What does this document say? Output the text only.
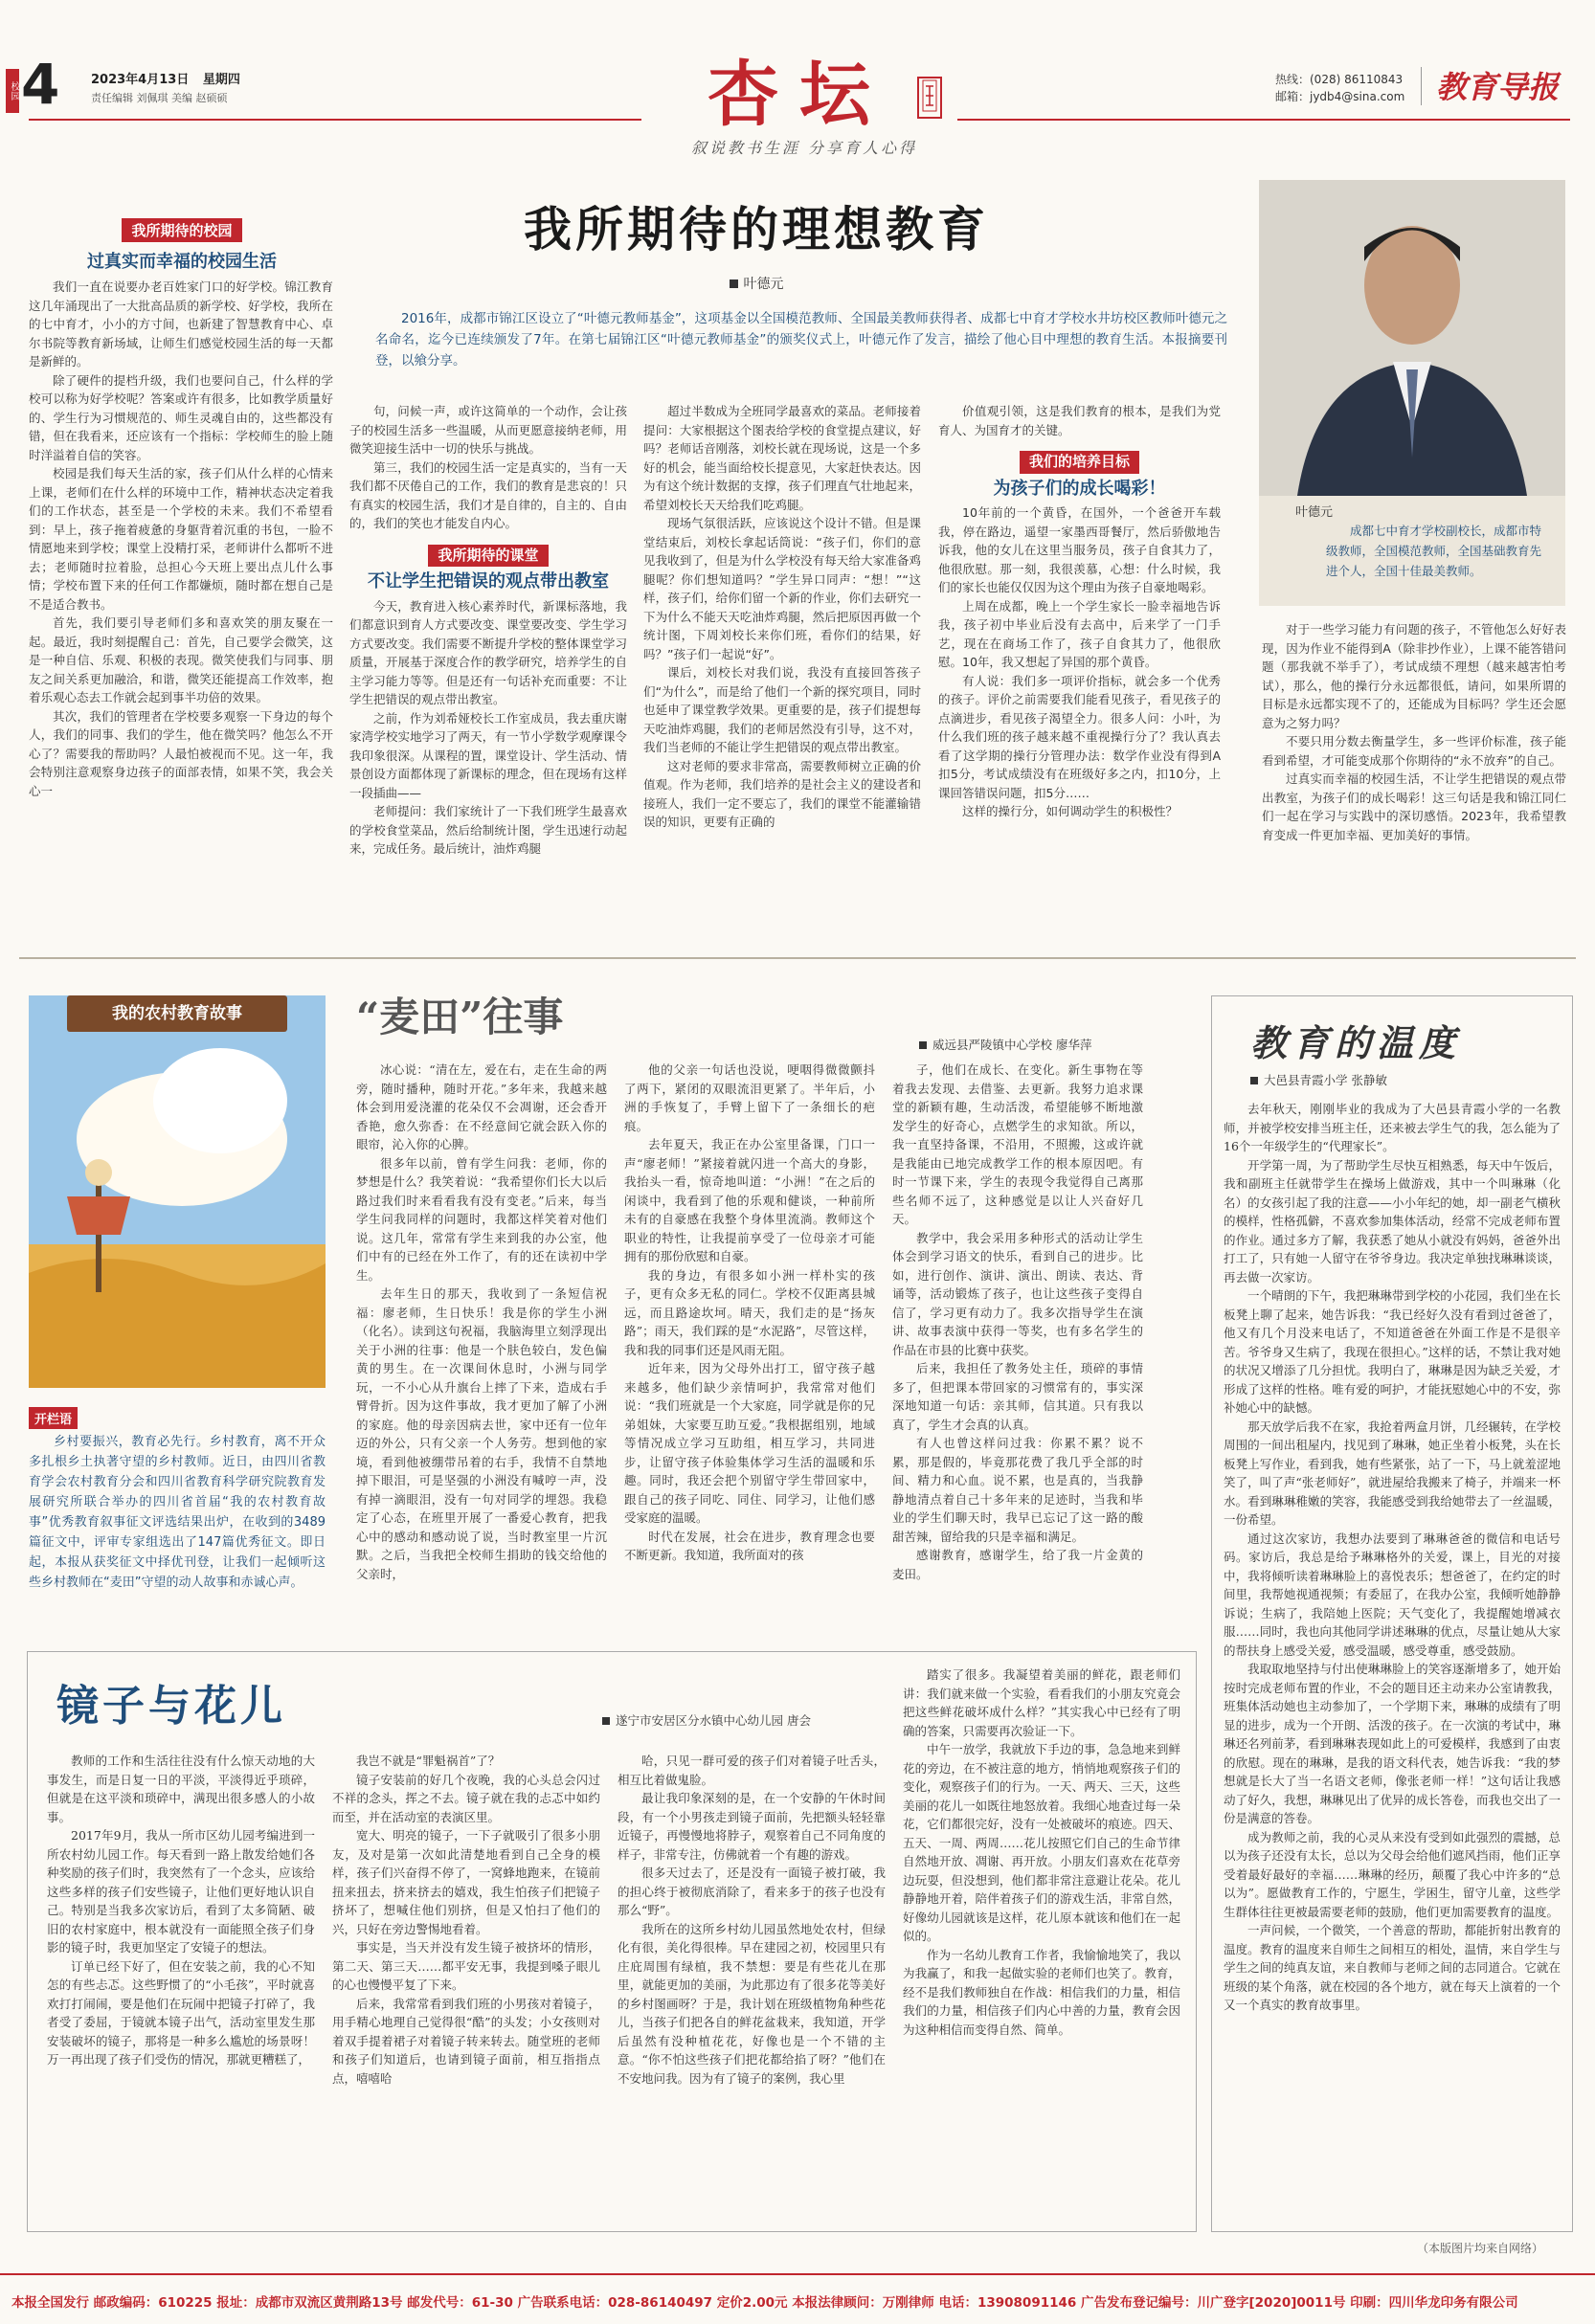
校园 4	2023年4月13日 星期四
责任编辑 刘佩琪 美编 赵硕硕	杏坛
叙说教书生涯 分享育人心得
热线：(028) 86110843
邮箱：jydb4@sina.com 教育导报
我所期待的校园
过真实而幸福的校园生活

我们一直在说要办老百姓家门口的好学校。锦江教育这几年涌现出了一大批高品质的新学校、好学校，我所在的七中育才，小小的方寸间，也新建了智慧教育中心、卓尔书院等教育新场域，让师生们感觉校园生活的每一天都是新鲜的。

除了硬件的提档升级，我们也要问自己，什么样的学校可以称为好学校呢？答案或许有很多，比如教学质量好的、学生行为习惯规范的、师生灵魂自由的，这些都没有错，但在我看来，还应该有一个指标：学校师生的脸上随时洋溢着自信的笑容。

校园是我们每天生活的家，孩子们从什么样的心情来上课，老师们在什么样的环境中工作，精神状态决定着我们的工作状态，甚至是一个学校的未来。我们不希望看到：早上，孩子拖着疲惫的身躯背着沉重的书包，一脸不情愿地来到学校；课堂上没精打采，老师讲什么都听不进去；老师随时拉着脸，总担心今天班上要出点儿什么事情；学校布置下来的任何工作都嫌烦，随时都在想自己是不是适合教书。

首先，我们要引导老师们多和喜欢笑的朋友聚在一起。最近，我时刻提醒自己：首先，自己要学会微笑，这是一种自信、乐观、积极的表现。微笑使我们与同事、朋友之间关系更加融洽，和谐，微笑还能提高工作效率，抱着乐观心态去工作就会起到事半功倍的效果。

其次，我们的管理者在学校要多观察一下身边的每个人，我们的同事、我们的学生，他在微笑吗？他怎么不开心了？需要我的帮助吗？人最怕被视而不见。这一年，我会特别注意观察身边孩子的面部表情，如果不笑，我会关心一

我所期待的理想教育
叶德元
2016年，成都市锦江区设立了“叶德元教师基金”，这项基金以全国模范教师、全国最美教师获得者、成都七中育才学校水井坊校区教师叶德元之名命名，迄今已连续颁发了7年。在第七届锦江区“叶德元教师基金”的颁奖仪式上，叶德元作了发言，描绘了他心目中理想的教育生活。本报摘要刊登，以飨分享。

句，问候一声，或许这简单的一个动作，会让孩子的校园生活多一些温暖，从而更愿意接纳老师，用微笑迎接生活中一切的快乐与挑战。

第三，我们的校园生活一定是真实的，当有一天我们都不厌倦自己的工作，我们的教育是悲哀的！只有真实的校园生活，我们才是自律的，自主的、自由的，我们的笑也才能发自内心。

我所期待的课堂
不让学生把错误的观点带出教室

今天，教育进入核心素养时代，新课标落地，我们都意识到育人方式要改变、课堂要改变、学生学习方式要改变。我们需要不断提升学校的整体课堂学习质量，开展基于深度合作的教学研究，培养学生的自主学习能力等等。但是还有一句话补充而重要：不让学生把错误的观点带出教室。

之前，作为刘希娅校长工作室成员，我去重庆谢家湾学校实地学习了两天，有一节小学数学观摩课令我印象很深。从课程的置，课堂设计、学生活动、情景创设方面都体现了新课标的理念，但在现场有这样一段插曲——

老师提问：我们家统计了一下我们班学生最喜欢的学校食堂菜品，然后给制统计图，学生迅速行动起来，完成任务。最后统计，油炸鸡腿

超过半数成为全班同学最喜欢的菜品。老师接着提问：大家根据这个图表给学校的食堂提点建议，好吗？老师话音刚落，刘校长就在现场说，这是一个多好的机会，能当面给校长提意见，大家赶快表达。因为有这个统计数据的支撑，孩子们理直气壮地起来，希望刘校长天天给我们吃鸡腿。

现场气氛很活跃，应该说这个设计不错。但是课堂结束后，刘校长拿起话筒说：“孩子们，你们的意见我收到了，但是为什么学校没有每天给大家准备鸡腿呢？你们想知道吗？”学生异口同声：“想！”“这样，孩子们，给你们留一个新的作业，你们去研究一下为什么不能天天吃油炸鸡腿，然后把原因再做一个统计图，下周刘校长来你们班，看你们的结果，好吗？”孩子们一起说“好”。

课后，刘校长对我们说，我没有直接回答孩子们“为什么”，而是给了他们一个新的探究项目，同时也延申了课堂教学效果。更重要的是，孩子们提想每天吃油炸鸡腿，我们的老师居然没有引导，这不对，我们当老师的不能让学生把错误的观点带出教室。

这对老师的要求非常高，需要教师树立正确的价值观。作为老师，我们培养的是社会主义的建设者和接班人，我们一定不要忘了，我们的课堂不能灌输错误的知识，更要有正确的

价值观引领，这是我们教育的根本，是我们为党育人、为国育才的关键。

我们的培养目标
为孩子们的成长喝彩！

10年前的一个黄昏，在国外，一个爸爸开车载我，停在路边，遥望一家墨西哥餐厅，然后骄傲地告诉我，他的女儿在这里当服务员，孩子自食其力了，他很欣慰。那一刻，我很羡慕，心想：什么时候，我们的家长也能仅仅因为这个理由为孩子自豪地喝彩。

上周在成都，晚上一个学生家长一脸幸福地告诉我，孩子初中毕业后没有去高中，后来学了一门手艺，现在在商场工作了，孩子自食其力了，他很欣慰。10年，我又想起了异国的那个黄昏。

有人说：我们多一项评价指标，就会多一个优秀的孩子。评价之前需要我们能看见孩子，看见孩子的点滴进步，看见孩子渴望全力。很多人问：小叶，为什么我们班的孩子越来越不重视操行分了？我认真去看了这学期的操行分管理办法：数学作业没有得到A扣5分，考试成绩没有在班级好多之内，扣10分，上课回答错误问题，扣5分……

这样的操行分，如何调动学生的积极性？

叶德元
成都七中育才学校副校长，成都市特级教师，全国模范教师，全国基础教育先进个人，全国十佳最美教师。

对于一些学习能力有问题的孩子，不管他怎么好好表现，因为作业不能得到A（除非抄作业），上课不能答错问题（那我就不举手了），考试成绩不理想（越来越害怕考试），那么，他的操行分永远都很低，请问，如果所谓的目标是永远都实现不了的，还能成为目标吗？学生还会愿意为之努力吗？

不要只用分数去衡量学生，多一些评价标准，孩子能看到希望，才可能变成那个你期待的“永不放弃”的自己。

过真实而幸福的校园生活，不让学生把错误的观点带出教室，为孩子们的成长喝彩！这三句话是我和锦江同仁们一起在学习与实践中的深切感悟。2023年，我希望教育变成一件更加幸福、更加美好的事情。

我的农村教育故事
开栏语
乡村要振兴，教育必先行。乡村教育，离不开众多扎根乡土执著守望的乡村教师。近日，由四川省教育学会农村教育分会和四川省教育科学研究院教育发展研究所联合举办的四川省首届“我的农村教育故事”优秀教育叙事征文评选结果出炉，在收到的3489篇征文中，评审专家组选出了147篇优秀征文。即日起，本报从获奖征文中择优刊登，让我们一起倾听这些乡村教师在“麦田”守望的动人故事和赤诚心声。
“麦田”往事
威远县严陵镇中心学校 廖华萍

冰心说：“清在左，爱在右，走在生命的两旁，随时播种，随时开花。”多年来，我越来越体会到用爱浇灌的花朵仅不会凋谢，还会香开香艳，愈久弥香：在不经意间它就会跃入你的眼帘，沁入你的心脾。

很多年以前，曾有学生问我：老师，你的梦想是什么？我笑着说：“我希望你们长大以后路过我们时来看看我有没有变老。”后来，每当学生问我同样的问题时，我都这样笑着对他们说。这几年，常常有学生来到我的办公室，他们中有的已经在外工作了，有的还在读初中学生。

去年生日的那天，我收到了一条短信祝福：廖老师，生日快乐！我是你的学生小洲（化名）。读到这句祝福，我脑海里立刻浮现出关于小洲的往事：他是一个肤色较白，发色偏黄的男生。在一次课间休息时，小洲与同学玩，一不小心从升旗台上摔了下来，造成右手臂骨折。因为这件事故，我才更加了解了小洲的家庭。他的母亲因病去世，家中还有一位年迈的外公，只有父亲一个人务劳。想到他的家境，看到他被绷带吊着的右手，我情不自禁地掉下眼泪，可是坚强的小洲没有喊哼一声，没有掉一滴眼泪，没有一句对同学的埋怨。我稳定了心态，在班里开展了一番爱心教育，把我心中的感动和感动说了说，当时教室里一片沉默。之后，当我把全校师生捐助的钱交给他的父亲时，

他的父亲一句话也没说，哽咽得微微颤抖了两下，紧闭的双眼流泪更紧了。半年后，小洲的手恢复了，手臂上留下了一条细长的疤痕。

去年夏天，我正在办公室里备课，门口一声“廖老师！”紧接着就闪进一个高大的身影，我抬头一看，惊奇地叫道：“小洲！”在之后的闲谈中，我看到了他的乐观和健谈，一种前所未有的自豪感在我整个身体里流淌。教师这个职业的特性，让我提前享受了一位母亲才可能拥有的那份欣慰和自豪。

我的身边，有很多如小洲一样朴实的孩子，更有众多无私的同仁。学校不仅距离县城远，而且路途坎坷。晴天，我们走的是“扬灰路”；雨天，我们踩的是“水泥路”，尽管这样，我和我的同事们还是风雨无阻。

近年来，因为父母外出打工，留守孩子越来越多，他们缺少亲情呵护，我常常对他们说：“我们班就是一个大家庭，同学就是你的兄弟姐妹，大家要互助互爱。”我根据组别，地域等情况成立学习互助组，相互学习，共同进步，让留守孩子体验集体学习生活的温暖和乐趣。同时，我还会把个别留守学生带回家中，跟自己的孩子同吃、同住、同学习，让他们感受家庭的温暖。

时代在发展，社会在进步，教育理念也要不断更新。我知道，我所面对的孩

子，他们在成长、在变化。新生事物在等着我去发现、去借鉴、去更新。我努力追求课堂的新颖有趣，生动活泼，希望能够不断地激发学生的好奇心，点燃学生的求知欲。所以，我一直坚持备课，不沿用，不照搬，这或许就是我能由已地完成教学工作的根本原因吧。有时一节课下来，学生的表现令我觉得自己离那些名师不远了，这种感觉是以让人兴奋好几天。

教学中，我会采用多种形式的活动让学生体会到学习语文的快乐，看到自己的进步。比如，进行创作、演讲、演出、朗读、表达、背诵等，活动锻炼了孩子，也让这些孩子变得自信了，学习更有动力了。我多次指导学生在演讲、故事表演中获得一等奖，也有多名学生的作品在市县的比赛中获奖。

后来，我担任了教务处主任，琐碎的事情多了，但把课本带回家的习惯常有的，事实深深地知道一句话：亲其师，信其道。只有我以真了，学生才会真的认真。

有人也曾这样问过我：你累不累？说不累，那是假的，毕竟那花费了我几乎全部的时间、精力和心血。说不累，也是真的，当我静静地清点着自己十多年来的足迹时，当我和毕业的学生们聊天时，我早已忘记了这一路的酸甜苦辣，留给我的只是幸福和满足。

感谢教育，感谢学生，给了我一片金黄的麦田。

教育的温度
大邑县青霞小学 张静敏

去年秋天，刚刚毕业的我成为了大邑县青霞小学的一名教师，并被学校安排当班主任，还来被去学生气的我，怎么能为了16个一年级学生的“代理家长”。

开学第一周，为了帮助学生尽快互相熟悉，每天中午饭后，我和副班主任就带学生在操场上做游戏，其中一个叫琳琳（化名）的女孩引起了我的注意——小小年纪的她，却一副老气横秋的模样，性格孤僻，不喜欢参加集体活动，经常不完成老师布置的作业。通过多方了解，我获悉了她从小就没有妈妈，爸爸外出打工了，只有她一人留守在爷爷身边。我决定单独找琳琳谈谈，再去做一次家访。

一个晴朗的下午，我把琳琳带到学校的小花园，我们坐在长板凳上聊了起来，她告诉我：“我已经好久没有看到过爸爸了，他又有几个月没来电话了，不知道爸爸在外面工作是不是很辛苦。爷爷身又生病了，我现在很担心。”这样的话，不禁让我对她的状况又增添了几分担忧。我明白了，琳琳是因为缺乏关爱，才形成了这样的性格。唯有爱的呵护，才能抚慰她心中的不安，弥补她心中的缺憾。

那天放学后我不在家，我抢着两盒月饼，几经辗转，在学校周围的一间出租屋内，找见到了琳琳，她正坐着小板凳，头在长板凳上写作业，看到我，她有些紧张，站了一下，马上就羞涩地笑了，叫了声“张老师好”，就进屋给我搬来了椅子，并端来一杯水。看到琳琳稚嫩的笑容，我能感受到我给她带去了一丝温暖，一份希望。

通过这次家访，我想办法要到了琳琳爸爸的微信和电话号码。家访后，我总是给予琳琳格外的关爱，课上，目光的对接中，我将倾听读着琳琳脸上的喜悦表乐；想爸爸了，在约定的时间里，我帮她视通视频；有委屈了，在我办公室，我倾听她静静诉说；生病了，我陪她上医院；天气变化了，我提醒她增减衣服……同时，我也向其他同学讲述琳琳的优点，尽量让她从大家的帮扶身上感受关爱，感受温暖，感受尊重，感受鼓励。

我取取地坚持与付出使琳琳脸上的笑容逐渐增多了，她开始按时完成老师布置的作业，不会的题目还主动来办公室请教我，班集体活动她也主动参加了，一个学期下来，琳琳的成绩有了明显的进步，成为一个开朗、活泼的孩子。在一次演的考试中，琳琳还名列前茅，看到琳琳表现如此上的可爱模样，我感到了由衷的欣慰。现在的琳琳，是我的语文科代表，她告诉我：“我的梦想就是长大了当一名语文老师，像张老师一样！”这句话让我感动了好久，我想，琳琳见出了优异的成长答卷，而我也交出了一份是满意的答卷。

成为教师之前，我的心灵从来没有受到如此强烈的震撼，总以为孩子还没有太长，总以为父母会给他们遮风挡雨，他们正享受着最好最好的幸福……琳琳的经历，颠覆了我心中许多的“总以为”。愿做教育工作的，宁愿生，学困生，留守儿童，这些学生群体往往更被最需要老师的鼓励，他们更加需要教育的温度。

一声问候，一个微笑，一个善意的帮助，都能折射出教育的温度。教育的温度来自师生之间相互的相处，温情，来自学生与学生之间的纯真友谊，来自教师与老师之间的志同道合。它就在班级的某个角落，就在校园的各个地方，就在每天上演着的一个又一个真实的教育故事里。

镜子与花儿	遂宁市安居区分水镇中心幼儿园 唐会

教师的工作和生活往往没有什么惊天动地的大事发生，而是日复一日的平淡，平淡得近乎琐碎，但就是在这平淡和琐碎中，满现出很多感人的小故事。

2017年9月，我从一所市区幼儿园考编进到一所农村幼儿园工作。每天看到一路上散发给她们各种奖励的孩子们时，我突然有了一个念头，应该给这些多样的孩子们安些镜子，让他们更好地认识自己。特别是当我多次家访后，看到了太多简陋、破旧的农村家庭中，根本就没有一面能照全孩子们身影的镜子时，我更加坚定了安镜子的想法。

订单已经下好了，但在安装之前，我的心不知怎的有些忐忑。这些野惯了的“小毛孩”，平时就喜欢打打闹闹，要是他们在玩闹中把镜子打碎了，我者受了委屈，于镜就本镜子出气，活动室里发生那安装破坏的镜子，那将是一种多么尴尬的场景呀！万一再出现了孩子们受伤的情况，那就更糟糕了，

我岂不就是“罪魁祸首”了？

镜子安装前的好几个夜晚，我的心头总会闪过不祥的念头，挥之不去。镜子就在我的忐忑中如约而至，并在活动室的表演区里。

宽大、明亮的镜子，一下子就吸引了很多小朋友，及对是第一次如此清楚地看到自己全身的模样，孩子们兴奋得不停了，一窝蜂地跑来，在镜前扭来扭去，挤来挤去的嬉戏，我生怕孩子们把镜子挤坏了，想喊住他们别挤，但是又怕扫了他们的兴，只好在旁边警惕地看着。

事实是，当天并没有发生镜子被挤坏的情形，第二天、第三天……都平安无事，我提到嗓子眼儿的心也慢慢平复了下来。

后来，我常常看到我们班的小男孩对着镜子，用手精心地理自己觉得很“酷”的头发；小女孩则对着双手提着裙子对着镜子转来转去。随堂班的老师和孩子们知道后，也请到镜子面前，相互指指点点，嘻嘻哈

哈，只见一群可爱的孩子们对着镜子吐舌头，相互比着做鬼脸。

最让我印象深刻的是，在一个安静的午休时间段，有一个小男孩走到镜子面前，先把额头轻轻靠近镜子，再慢慢地将脖子，观察着自己不同角度的样子，非常专注，仿佛就着一个有趣的游戏。

很多天过去了，还是没有一面镜子被打破，我的担心终于被彻底消除了，看来多于的孩子也没有那么“野”。

我所在的这所乡村幼儿园虽然地处农村，但绿化有很，美化得很棒。早在建园之初，校园里只有庄庇周围有绿植，我不禁想：要是有些花儿在那里，就能更加的美丽，为此那边有了很多花等美好的乡村图画呀？于是，我计划在班级植物角种些花儿，当孩子们把各自的鲜花盆栽来，我知道，开学后虽然有没种植花花，好像也是一个不错的主意。“你不怕这些孩子们把花都给掐了呀？”他们在不安地问我。因为有了镜子的案例，我心里

踏实了很多。我凝望着美丽的鲜花，跟老师们讲：我们就来做一个实验，看看我们的小朋友究竟会把这些鲜花破坏成什么样？”其实我心中已经有了明确的答案，只需要再次验证一下。

中午一放学，我就放下手边的事，急急地来到鲜花的旁边，在不被注意的地方，悄悄地观察孩子们的变化，观察孩子们的行为。一天、两天、三天，这些美丽的花儿一如既往地怒放着。我细心地查过每一朵花，它们都很完好，没有一处被破坏的痕迹。四天、五天、一周、两周……花儿按照它们自己的生命节律自然地开放、凋谢、再开放。小朋友们喜欢在花草旁边玩耍，但没想到，他们都非常注意避让花朵。花儿静静地开着，陪伴着孩子们的游戏生活，非常自然，好像幼儿园就该是这样，花儿原本就该和他们在一起似的。

作为一名幼儿教育工作者，我愉愉地笑了，我以为我赢了，和我一起做实验的老师们也笑了。教育，经不是我们教师独自在作战：相信我们的力量，相信我们的力量，相信孩子们内心中善的力量，教育会因为这种相信而变得自然、简单。

（本版图片均来自网络）
本报全国发行 邮政编码：610225 报址：成都市双流区黄荆路13号 邮发代号：61-30 广告联系电话：028-86140497 定价2.00元 本报法律顾问：万刚律师 电话：13908091146 广告发布登记编号：川广登字[2020]0011号 印刷：四川华龙印务有限公司
